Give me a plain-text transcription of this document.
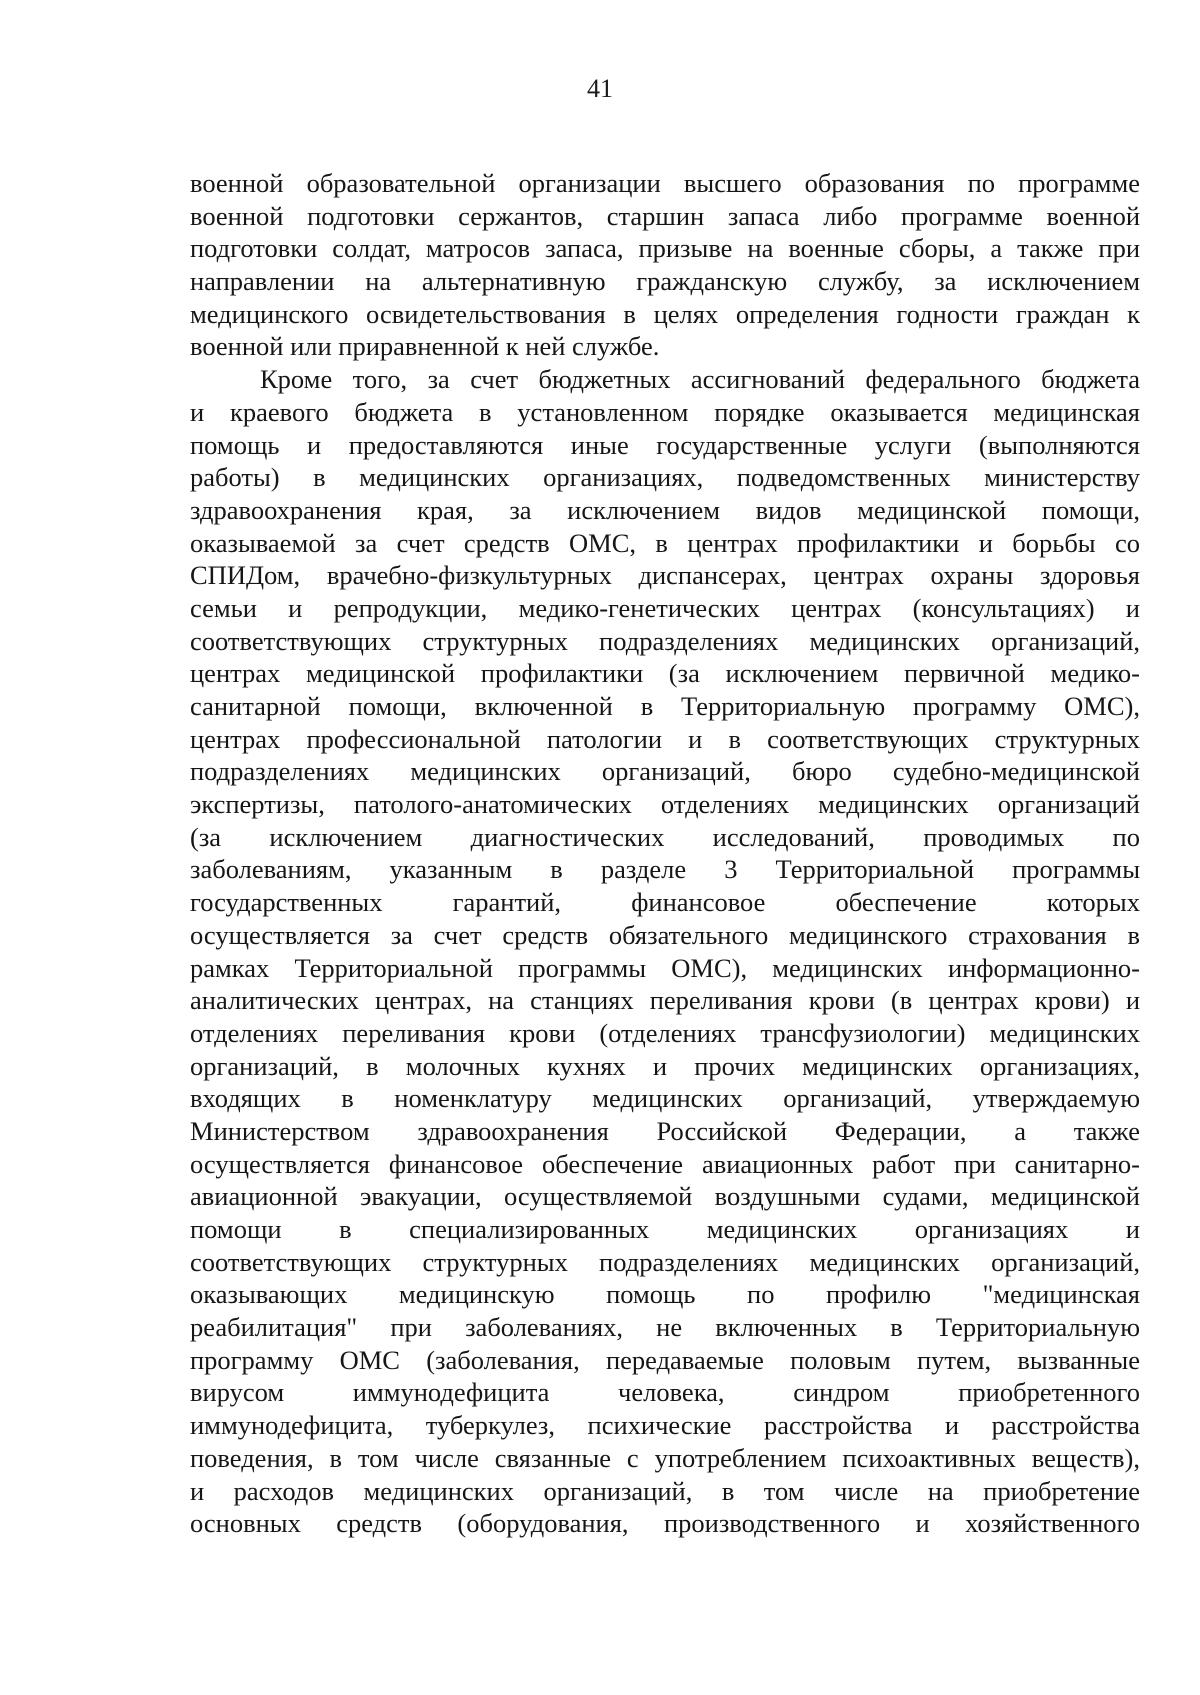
41
военной образовательной организации высшего образования по программе
военной подготовки сержантов, старшин запаса либо программе военной
подготовки солдат, матросов запаса, призыве на военные сборы, а также при
направлении на альтернативную гражданскую службу, за исключением
медицинского освидетельствования в целях определения годности граждан к
военной или приравненной к ней службе.
Кроме того, за счет бюджетных ассигнований федерального бюджета
и краевого бюджета в установленном порядке оказывается медицинская
помощь и предоставляются иные государственные услуги (выполняются
работы) в медицинских организациях, подведомственных министерству
здравоохранения края, за исключением видов медицинской помощи,
оказываемой за счет средств ОМС, в центрах профилактики и борьбы со
СПИДом, врачебно-физкультурных диспансерах, центрах охраны здоровья
семьи и репродукции, медико-генетических центрах (консультациях) и
соответствующих структурных подразделениях медицинских организаций,
центрах медицинской профилактики (за исключением первичной медико-
санитарной помощи, включенной в Территориальную программу ОМС),
центрах профессиональной патологии и в соответствующих структурных
подразделениях медицинских организаций, бюро судебно-медицинской
экспертизы, патолого-анатомических отделениях медицинских организаций
(за исключением диагностических исследований, проводимых по
заболеваниям, указанным в разделе 3 Территориальной программы
государственных гарантий, финансовое обеспечение которых
осуществляется за счет средств обязательного медицинского страхования в
рамках Территориальной программы ОМС), медицинских информационно-
аналитических центрах, на станциях переливания крови (в центрах крови) и
отделениях переливания крови (отделениях трансфузиологии) медицинских
организаций, в молочных кухнях и прочих медицинских организациях,
входящих в номенклатуру медицинских организаций, утверждаемую
Министерством здравоохранения Российской Федерации, а также
осуществляется финансовое обеспечение авиационных работ при санитарно-
авиационной эвакуации, осуществляемой воздушными судами, медицинской
помощи в специализированных медицинских организациях и
соответствующих структурных подразделениях медицинских организаций,
оказывающих медицинскую помощь по профилю "медицинская
реабилитация" при заболеваниях, не включенных в Территориальную
программу ОМС (заболевания, передаваемые половым путем, вызванные
вирусом иммунодефицита человека, синдром приобретенного
иммунодефицита, туберкулез, психические расстройства и расстройства
поведения, в том числе связанные с употреблением психоактивных веществ),
и расходов медицинских организаций, в том числе на приобретение
основных средств (оборудования, производственного и хозяйственного
